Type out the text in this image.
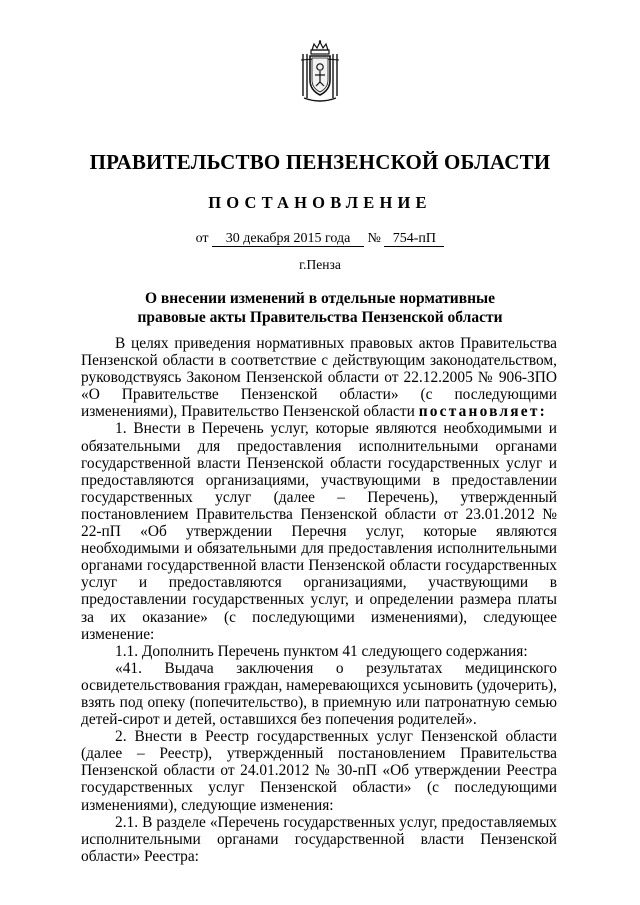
ПРАВИТЕЛЬСТВО ПЕНЗЕНСКОЙ ОБЛАСТИ
ПОСТАНОВЛЕНИЕ
от 30 декабря 2015 года № 754-пП
г.Пенза
О внесении изменений в отдельные нормативные правовые акты Правительства Пензенской области

В целях приведения нормативных правовых актов Правительства Пензенской области в соответствие с действующим законодательством, руководствуясь Законом Пензенской области от 22.12.2005 № 906-ЗПО «О Правительстве Пензенской области» (с последующими изменениями), Правительство Пензенской области постановляет:

1. Внести в Перечень услуг, которые являются необходимыми и обязательными для предоставления исполнительными органами государственной власти Пензенской области государственных услуг и предоставляются организациями, участвующими в предоставлении государственных услуг (далее – Перечень), утвержденный постановлением Правительства Пензенской области от 23.01.2012 № 22-пП «Об утверждении Перечня услуг, которые являются необходимыми и обязательными для предоставления исполнительными органами государственной власти Пензенской области государственных услуг и предоставляются организациями, участвующими в предоставлении государственных услуг, и определении размера платы за их оказание» (с последующими изменениями), следующее изменение:

1.1. Дополнить Перечень пунктом 41 следующего содержания:

«41. Выдача заключения о результатах медицинского освидетельствования граждан, намеревающихся усыновить (удочерить), взять под опеку (попечительство), в приемную или патронатную семью детей-сирот и детей, оставшихся без попечения родителей».

2. Внести в Реестр государственных услуг Пензенской области (далее – Реестр), утвержденный постановлением Правительства Пензенской области от 24.01.2012 № 30-пП «Об утверждении Реестра государственных услуг Пензенской области» (с последующими изменениями), следующие изменения:

2.1. В разделе «Перечень государственных услуг, предоставляемых исполнительными органами государственной власти Пензенской области» Реестра:
